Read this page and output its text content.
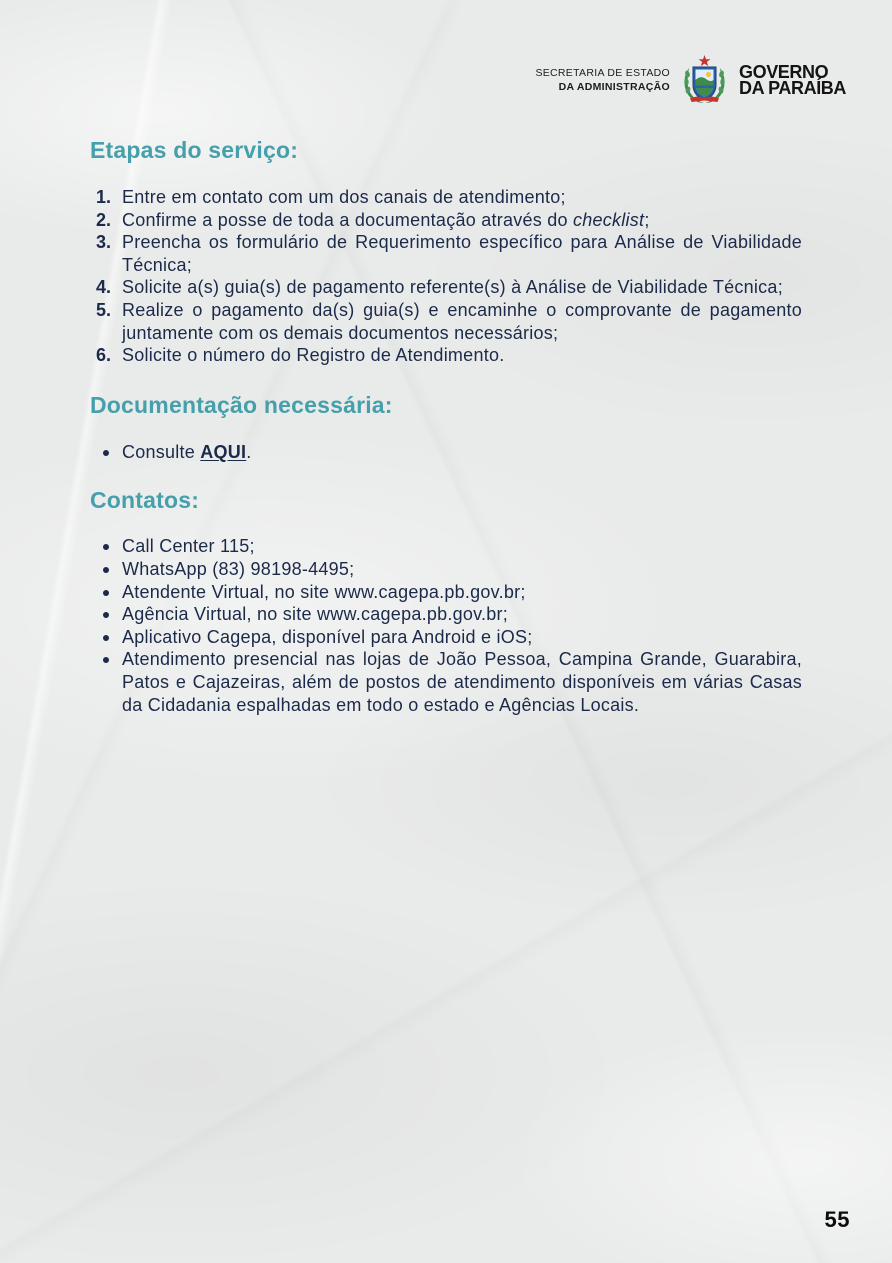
SECRETARIA DE ESTADO
DA ADMINISTRAÇÃO
GOVERNO
DA PARAÍBA
Etapas do serviço:
1. Entre em contato com um dos canais de atendimento;
2. Confirme a posse de toda a documentação através do checklist;
3. Preencha os formulário de Requerimento específico para Análise de Viabilidade Técnica;
4. Solicite a(s) guia(s) de pagamento referente(s) à Análise de Viabilidade Técnica;
5. Realize o pagamento da(s) guia(s) e encaminhe o comprovante de pagamento juntamente com os demais documentos necessários;
6. Solicite o número do Registro de Atendimento.
Documentação necessária:
Consulte AQUI.
Contatos:
Call Center 115;
WhatsApp (83) 98198-4495;
Atendente Virtual, no site www.cagepa.pb.gov.br;
Agência Virtual, no site www.cagepa.pb.gov.br;
Aplicativo Cagepa, disponível para Android e iOS;
Atendimento presencial nas lojas de João Pessoa, Campina Grande, Guarabira, Patos e Cajazeiras, além de postos de atendimento disponíveis em várias Casas da Cidadania espalhadas em todo o estado e Agências Locais.
55
